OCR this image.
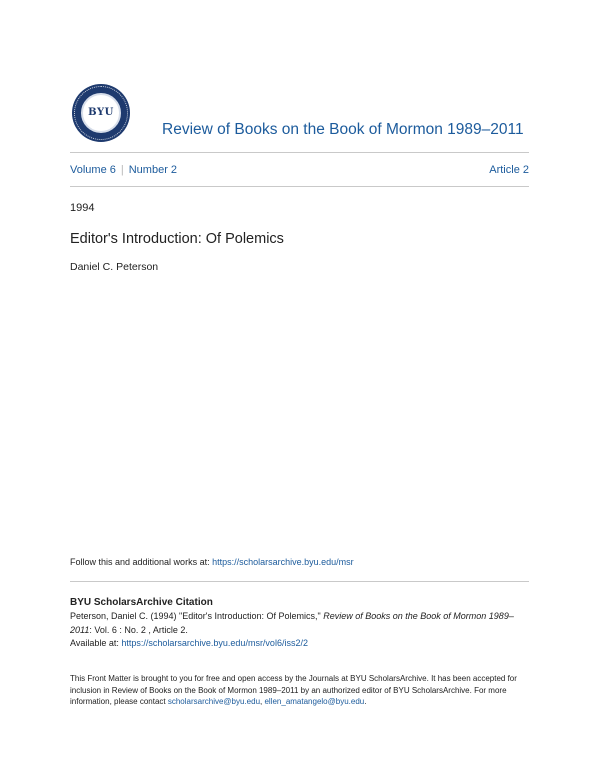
BYU
Review of Books on the Book of Mormon 1989–2011
Volume 6 | Number 2	Article 2
1994
Editor's Introduction: Of Polemics
Daniel C. Peterson
Follow this and additional works at: https://scholarsarchive.byu.edu/msr
BYU ScholarsArchive Citation
Peterson, Daniel C. (1994) "Editor's Introduction: Of Polemics," Review of Books on the Book of Mormon 1989–2011: Vol. 6 : No. 2 , Article 2.
Available at: https://scholarsarchive.byu.edu/msr/vol6/iss2/2
This Front Matter is brought to you for free and open access by the Journals at BYU ScholarsArchive. It has been accepted for inclusion in Review of Books on the Book of Mormon 1989–2011 by an authorized editor of BYU ScholarsArchive. For more information, please contact scholarsarchive@byu.edu, ellen_amatangelo@byu.edu.
